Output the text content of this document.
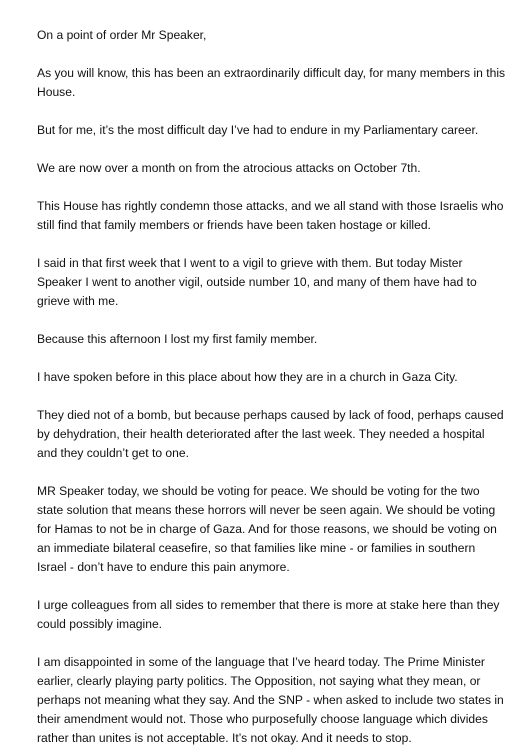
On a point of order Mr Speaker,

As you will know, this has been an extraordinarily difficult day, for many members in this House.

But for me, it’s the most difficult day I’ve had to endure in my Parliamentary career.

We are now over a month on from the atrocious attacks on October 7th.

This House has rightly condemn those attacks, and we all stand with those Israelis who still find that family members or friends have been taken hostage or killed.

I said in that first week that I went to a vigil to grieve with them. But today Mister Speaker I went to another vigil, outside number 10, and many of them have had to grieve with me.

Because this afternoon I lost my first family member.

I have spoken before in this place about how they are in a church in Gaza City.

They died not of a bomb, but because perhaps caused by lack of food, perhaps caused by dehydration, their health deteriorated after the last week. They needed a hospital and they couldn’t get to one.

MR Speaker today, we should be voting for peace. We should be voting for the two state solution that means these horrors will never be seen again. We should be voting for Hamas to not be in charge of Gaza. And for those reasons, we should be voting on an immediate bilateral ceasefire, so that families like mine - or families in southern Israel - don’t have to endure this pain anymore.

I urge colleagues from all sides to remember that there is more at stake here than they could possibly imagine.

I am disappointed in some of the language that I’ve heard today. The Prime Minister earlier, clearly playing party politics. The Opposition, not saying what they mean, or perhaps not meaning what they say. And the SNP - when asked to include two states in their amendment would not. Those who purposefully choose language which divides rather than unites is not acceptable. It’s not okay. And it needs to stop.
